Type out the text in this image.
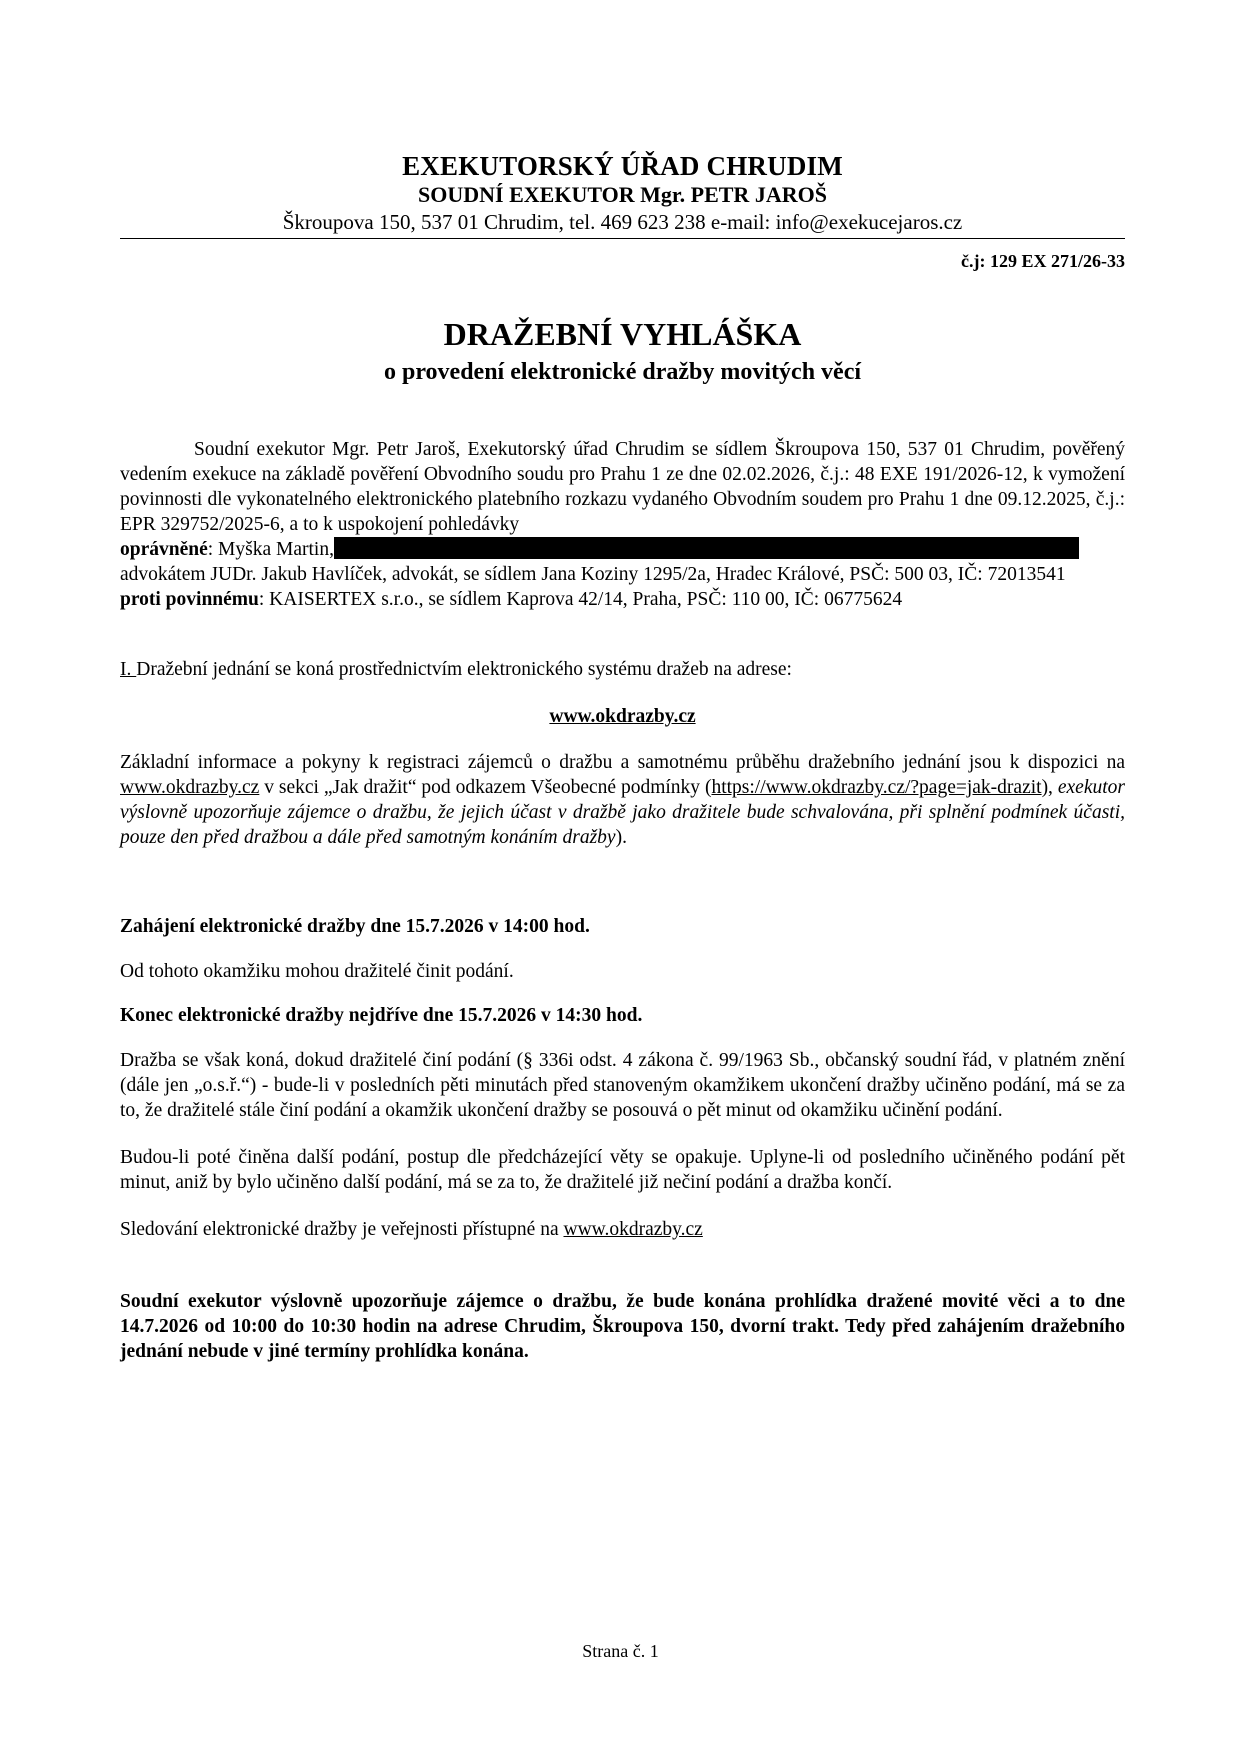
EXEKUTORSKÝ ÚŘAD CHRUDIM
SOUDNÍ EXEKUTOR Mgr. PETR JAROŠ
Škroupova 150, 537 01 Chrudim, tel. 469 623 238 e-mail: info@exekucejaros.cz
č.j: 129 EX 271/26-33
DRAŽEBNÍ VYHLÁŠKA
o provedení elektronické dražby movitých věcí

Soudní exekutor Mgr. Petr Jaroš, Exekutorský úřad Chrudim se sídlem Škroupova 150, 537 01 Chrudim, pověřený vedením exekuce na základě pověření Obvodního soudu pro Prahu 1 ze dne 02.02.2026, č.j.: 48 EXE 191/2026-12, k vymožení povinnosti dle vykonatelného elektronického platebního rozkazu vydaného Obvodním soudem pro Prahu 1 dne 09.12.2025, č.j.: EPR 329752/2025-6, a to k uspokojení pohledávky

oprávněné: Myška Martin,

advokátem JUDr. Jakub Havlíček, advokát, se sídlem Jana Koziny 1295/2a, Hradec Králové, PSČ: 500 03, IČ: 72013541

proti povinnému: KAISERTEX s.r.o., se sídlem Kaprova 42/14, Praha, PSČ: 110 00, IČ: 06775624

I. Dražební jednání se koná prostřednictvím elektronického systému dražeb na adrese:

www.okdrazby.cz

Základní informace a pokyny k registraci zájemců o dražbu a samotnému průběhu dražebního jednání jsou k dispozici na www.okdrazby.cz v sekci „Jak dražit“ pod odkazem Všeobecné podmínky (https://www.okdrazby.cz/?page=jak-drazit), exekutor výslovně upozorňuje zájemce o dražbu, že jejich účast v dražbě jako dražitele bude schvalována, při splnění podmínek účasti, pouze den před dražbou a dále před samotným konáním dražby).

Zahájení elektronické dražby dne 15.7.2026 v 14:00 hod.

Od tohoto okamžiku mohou dražitelé činit podání.

Konec elektronické dražby nejdříve dne 15.7.2026 v 14:30 hod.

Dražba se však koná, dokud dražitelé činí podání (§ 336i odst. 4 zákona č. 99/1963 Sb., občanský soudní řád, v platném znění (dále jen „o.s.ř.“) - bude-li v posledních pěti minutách před stanoveným okamžikem ukončení dražby učiněno podání, má se za to, že dražitelé stále činí podání a okamžik ukončení dražby se posouvá o pět minut od okamžiku učinění podání.

Budou-li poté činěna další podání, postup dle předcházející věty se opakuje. Uplyne-li od posledního učiněného podání pět minut, aniž by bylo učiněno další podání, má se za to, že dražitelé již nečiní podání a dražba končí.

Sledování elektronické dražby je veřejnosti přístupné na www.okdrazby.cz

Soudní exekutor výslovně upozorňuje zájemce o dražbu, že bude konána prohlídka dražené movité věci a to dne 14.7.2026 od 10:00 do 10:30 hodin na adrese Chrudim, Škroupova 150, dvorní trakt. Tedy před zahájením dražebního jednání nebude v jiné termíny prohlídka konána.

Strana č. 1
